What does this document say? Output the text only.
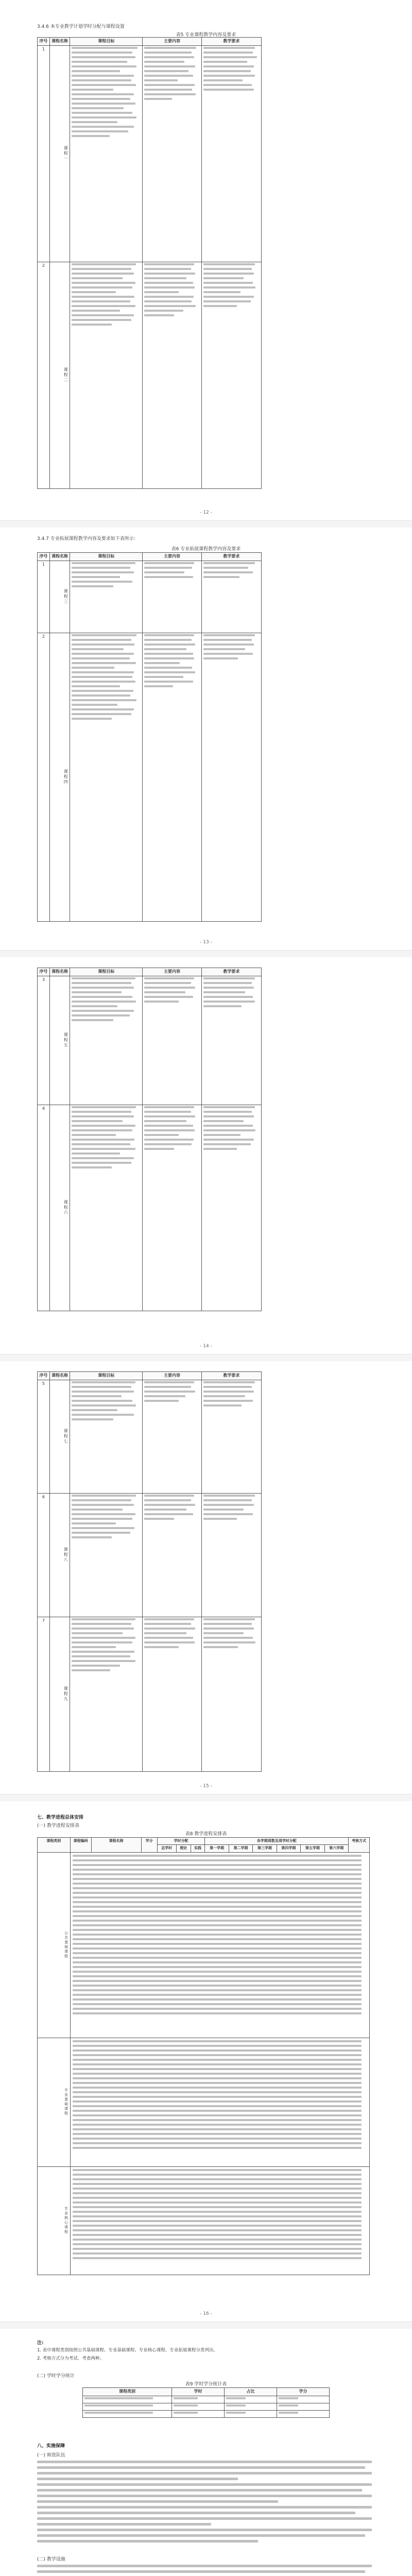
3.4.6 本专业教学计划学时分配与课程设置
表5 专业课程教学内容及要求
序号	课程名称	课程目标	主要内容	教学要求
1	课程一	

2	课程二	

- 12 -
3.4.7 专业拓展课程教学内容及要求如下表所示：
表6 专业拓展课程教学内容及要求
序号	课程名称	课程目标	主要内容	教学要求
1	课程三	

2	课程四	

- 13 -
序号	课程名称	课程目标	主要内容	教学要求
3	课程五	

4	课程六	

- 14 -
序号	课程名称	课程目标	主要内容	教学要求
5	课程七	

6	课程八	

7	课程九	

- 15 -
七、教学进程总体安排
(一) 教学进程安排表
表8 教学进程安排表
课程类别	课程编码	课程名称	学分	学时分配			各学期周数及周学时分配						考核方式
				总学时	理论	实践	第一学期	第二学期	第三学期	第四学期	第五学期	第六学期	
公共基础课程													

专业基础课程													

专业核心课程													
- 16 -
注:
1. 表中课程类别按照公共基础课程、专业基础课程、专业核心课程、专业拓展课程分类列出。
2. 考核方式分为考试、考查两种。
(二) 学时学分统计
表9 学时学分统计表
课程类别	学时	占比	学分

八、实施保障
(一) 师资队伍
(二) 教学设施
